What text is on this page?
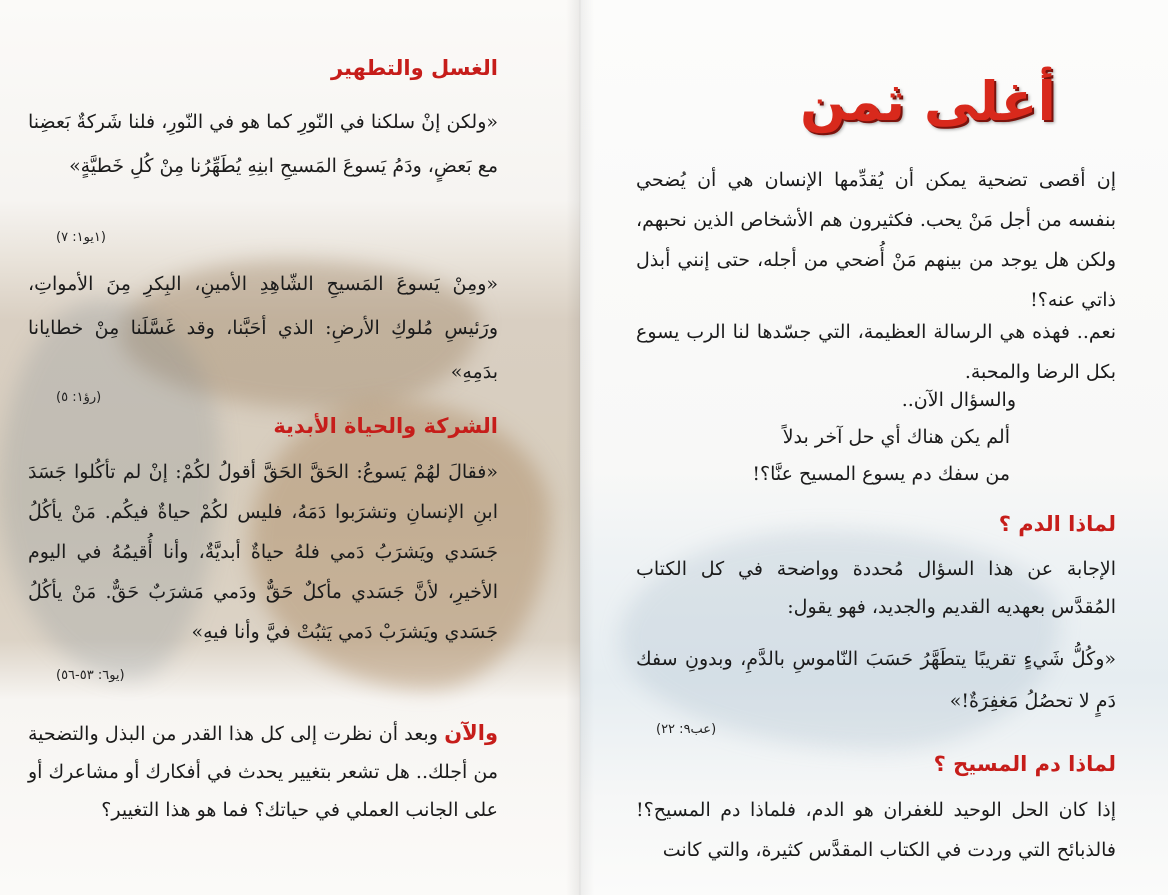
الغسل والتطهير
«ولكن إنْ سلكنا في النّورِ كما هو في النّورِ، فلنا شَركةٌ بَعضِنا مع بَعضٍ، ودَمُ يَسوعَ المَسيحِ ابنِهِ يُطَهِّرُنا مِنْ كُلِ خَطيَّةٍ»
(١يو١: ٧)
«ومِنْ يَسوعَ المَسيحِ الشّاهِدِ الأمينِ، البِكرِ مِنَ الأمواتِ، ورَئيسِ مُلوكِ الأرضِ: الذي أحَبَّنا، وقد غَسَّلَنا مِنْ خطايانا بدَمِهِ»
(رؤ١: ٥)
الشركة والحياة الأبدية
«فقالَ لهُمْ يَسوعُ: الحَقَّ الحَقَّ أقولُ لكُمْ: إنْ لم تأكُلوا جَسَدَ ابنِ الإنسانِ وتشرَبوا دَمَهُ، فليس لكُمْ حياةٌ فيكُم. مَنْ يأكُلُ جَسَدي ويَشرَبُ دَمي فلهُ حياةٌ أبديَّةٌ، وأنا أُقيمُهُ في اليوم الأخيرِ، لأنَّ جَسَدي مأكلٌ حَقٌّ ودَمي مَشرَبٌ حَقٌّ. مَنْ يأكُلُ جَسَدي ويَشرَبْ دَمي يَثبُتْ فيَّ وأنا فيهِ»
(يو٦: ٥٣-٥٦)
والآن وبعد أن نظرت إلى كل هذا القدر من البذل والتضحية من أجلك.. هل تشعر بتغيير يحدث في أفكارك أو مشاعرك أو على الجانب العملي في حياتك؟ فما هو هذا التغيير؟
أغلى ثمن
إن أقصى تضحية يمكن أن يُقدِّمها الإنسان هي أن يُضحي بنفسه من أجل مَنْ يحب. فكثيرون هم الأشخاص الذين نحبهم، ولكن هل يوجد من بينهم مَنْ أُضحي من أجله، حتى إنني أبذل ذاتي عنه؟!
نعم.. فهذه هي الرسالة العظيمة، التي جسّدها لنا الرب يسوع بكل الرضا والمحبة.

والسؤال الآن..

ألم يكن هناك أي حل آخر بدلاً

من سفك دم يسوع المسيح عنَّا؟!

لماذا الدم ؟
الإجابة عن هذا السؤال مُحددة وواضحة في كل الكتاب المُقدَّس بعهديه القديم والجديد، فهو يقول:
«وكُلُّ شَيءٍ تقريبًا يتطَهَّرُ حَسَبَ النّاموسِ بالدَّمِ، وبدونِ سفك دَمٍ لا تحصُلُ مَغفِرَةٌ!»
(عب٩: ٢٢)
لماذا دم المسيح ؟
إذا كان الحل الوحيد للغفران هو الدم، فلماذا دم المسيح؟! فالذبائح التي وردت في الكتاب المقدَّس كثيرة، والتي كانت
